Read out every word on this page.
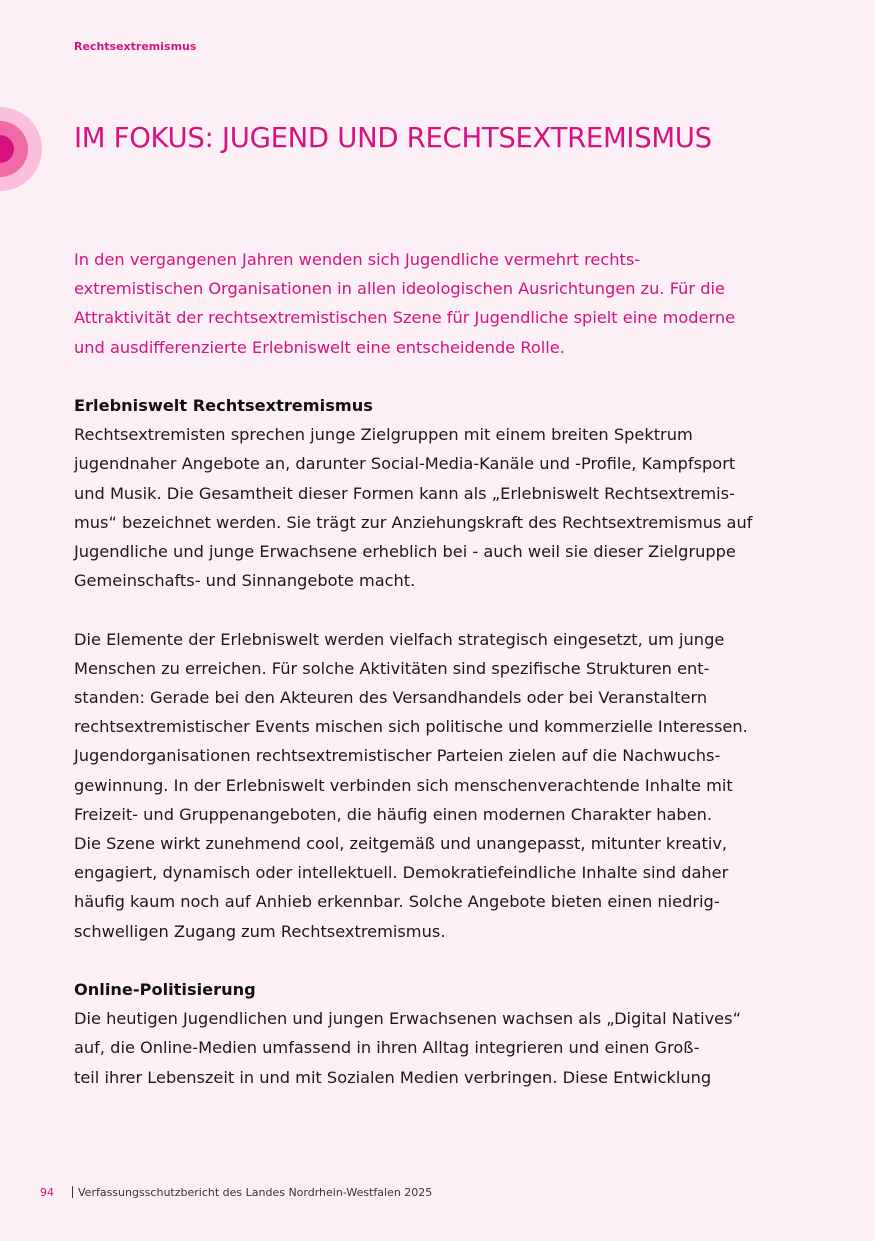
Rechtsextremismus
IM FOKUS: JUGEND UND RECHTSEXTREMISMUS

In den vergangenen Jahren wenden sich Jugendliche vermehrt rechts-
extremistischen Organisationen in allen ideologischen Ausrichtungen zu. Für die
Attraktivität der rechtsextremistischen Szene für Jugendliche spielt eine moderne
und ausdifferenzierte Erlebniswelt eine entscheidende Rolle.

Erlebniswelt Rechtsextremismus

Rechtsextremisten sprechen junge Zielgruppen mit einem breiten Spektrum
jugendnaher Angebote an, darunter Social-Media-Kanäle und -Profile, Kampfsport
und Musik. Die Gesamtheit dieser Formen kann als „Erlebniswelt Rechtsextremis-
mus“ bezeichnet werden. Sie trägt zur Anziehungskraft des Rechtsextremismus auf
Jugendliche und junge Erwachsene erheblich bei - auch weil sie dieser Zielgruppe
Gemeinschafts- und Sinnangebote macht.

Die Elemente der Erlebniswelt werden vielfach strategisch eingesetzt, um junge
Menschen zu erreichen. Für solche Aktivitäten sind spezifische Strukturen ent-
standen: Gerade bei den Akteuren des Versandhandels oder bei Veranstaltern
rechtsextremistischer Events mischen sich politische und kommerzielle Interessen.
Jugendorganisationen rechtsextremistischer Parteien zielen auf die Nachwuchs-
gewinnung. In der Erlebniswelt verbinden sich menschenverachtende Inhalte mit
Freizeit- und Gruppenangeboten, die häufig einen modernen Charakter haben.
Die Szene wirkt zunehmend cool, zeitgemäß und unangepasst, mitunter kreativ,
engagiert, dynamisch oder intellektuell. Demokratiefeindliche Inhalte sind daher
häufig kaum noch auf Anhieb erkennbar. Solche Angebote bieten einen niedrig-
schwelligen Zugang zum Rechtsextremismus.

Online-Politisierung

Die heutigen Jugendlichen und jungen Erwachsenen wachsen als „Digital Natives“
auf, die Online-Medien umfassend in ihren Alltag integrieren und einen Groß-
teil ihrer Lebenszeit in und mit Sozialen Medien verbringen. Diese Entwicklung

94 Verfassungsschutzbericht des Landes Nordrhein-Westfalen 2025
